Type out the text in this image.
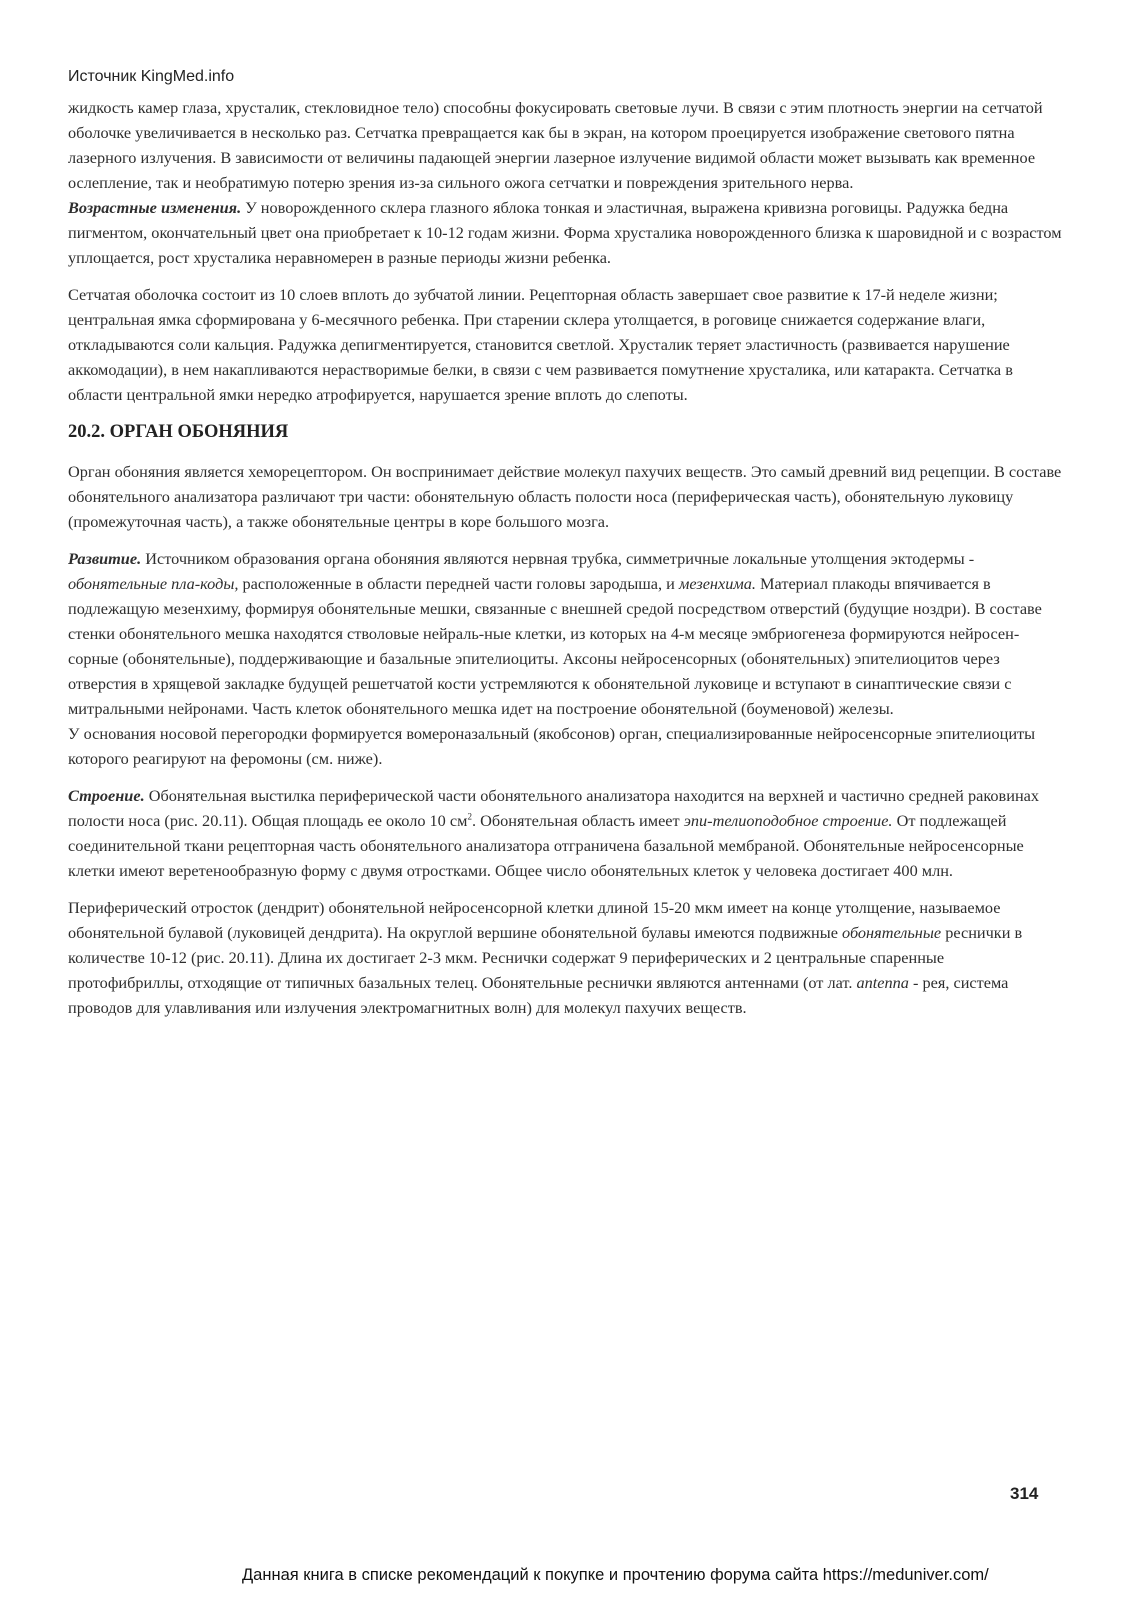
Источник KingMed.info

жидкость камер глаза, хрусталик, стекловидное тело) способны фокусировать световые лучи. В связи с этим плотность энергии на сетчатой оболочке увеличивается в несколько раз. Сетчатка превращается как бы в экран, на котором проецируется изображение светового пятна лазерного излучения. В зависимости от величины падающей энергии лазерное излучение видимой области может вызывать как временное ослепление, так и необратимую потерю зрения из-за сильного ожога сетчатки и повреждения зрительного нерва.

Возрастные изменения. У новорожденного склера глазного яблока тонкая и эластичная, выражена кривизна роговицы. Радужка бедна пигментом, окончательный цвет она приобретает к 10-12 годам жизни. Форма хрусталика новорожденного близка к шаровидной и с возрастом уплощается, рост хрусталика неравномерен в разные периоды жизни ребенка.

Сетчатая оболочка состоит из 10 слоев вплоть до зубчатой линии. Рецепторная область завершает свое развитие к 17-й неделе жизни; центральная ямка сформирована у 6-месячного ребенка. При старении склера утолщается, в роговице снижается содержание влаги, откладываются соли кальция. Радужка депигментируется, становится светлой. Хрусталик теряет эластичность (развивается нарушение аккомодации), в нем накапливаются нерастворимые белки, в связи с чем развивается помутнение хрусталика, или катаракта. Сетчатка в области центральной ямки нередко атрофируется, нарушается зрение вплоть до слепоты.

20.2. ОРГАН ОБОНЯНИЯ

Орган обоняния является хеморецептором. Он воспринимает действие молекул пахучих веществ. Это самый древний вид рецепции. В составе обонятельного анализатора различают три части: обонятельную область полости носа (периферическая часть), обонятельную луковицу (промежуточная часть), а также обонятельные центры в коре большого мозга.

Развитие. Источником образования органа обоняния являются нервная трубка, симметричные локальные утолщения эктодермы - обонятельные пла-коды, расположенные в области передней части головы зародыша, и мезенхима. Материал плакоды впячивается в подлежащую мезенхиму, формируя обонятельные мешки, связанные с внешней средой посредством отверстий (будущие ноздри). В составе стенки обонятельного мешка находятся стволовые нейраль-ные клетки, из которых на 4-м месяце эмбриогенеза формируются нейросен-сорные (обонятельные), поддерживающие и базальные эпителиоциты. Аксоны нейросенсорных (обонятельных) эпителиоцитов через отверстия в хрящевой закладке будущей решетчатой кости устремляются к обонятельной луковице и вступают в синаптические связи с митральными нейронами. Часть клеток обонятельного мешка идет на построение обонятельной (боуменовой) железы.

У основания носовой перегородки формируется вомероназальный (якобсонов) орган, специализированные нейросенсорные эпителиоциты которого реагируют на феромоны (см. ниже).

Строение. Обонятельная выстилка периферической части обонятельного анализатора находится на верхней и частично средней раковинах полости носа (рис. 20.11). Общая площадь ее около 10 $см^2$. Обонятельная область имеет эпи-телиоподобное строение. От подлежащей соединительной ткани рецепторная часть обонятельного анализатора отграничена базальной мембраной. Обонятельные нейросенсорные клетки имеют веретенообразную форму с двумя отростками. Общее число обонятельных клеток у человека достигает 400 млн.

Периферический отросток (дендрит) обонятельной нейросенсорной клетки длиной 15-20 мкм имеет на конце утолщение, называемое обонятельной булавой (луковицей дендрита). На округлой вершине обонятельной булавы имеются подвижные обонятельные реснички в количестве 10-12 (рис. 20.11). Длина их достигает 2-3 мкм. Реснички содержат 9 периферических и 2 центральные спаренные протофибриллы, отходящие от типичных базальных телец. Обонятельные реснички являются антеннами (от лат. antenna - рея, система проводов для улавливания или излучения электромагнитных волн) для молекул пахучих веществ.

314
Данная книга в списке рекомендаций к покупке и прочтению форума сайта https://meduniver.com/
